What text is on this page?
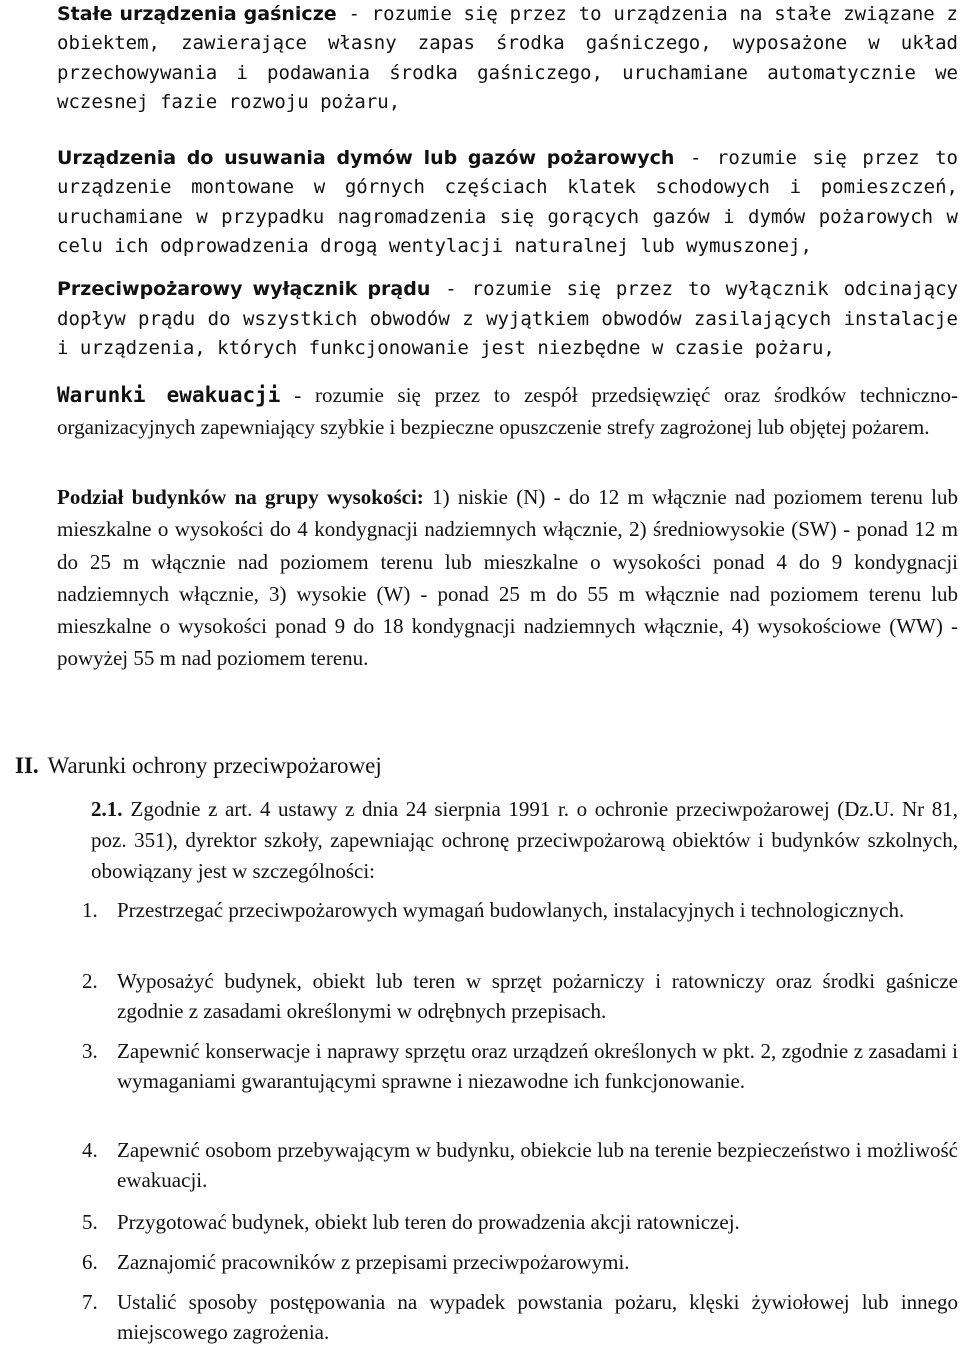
Stałe urządzenia gaśnicze - rozumie się przez to urządzenia na stałe związane z obiektem, zawierające własny zapas środka gaśniczego, wyposażone w układ przechowywania i podawania środka gaśniczego, uruchamiane automatycznie we wczesnej fazie rozwoju pożaru,
Urządzenia do usuwania dymów lub gazów pożarowych - rozumie się przez to urządzenie montowane w górnych częściach klatek schodowych i pomieszczeń, uruchamiane w przypadku nagromadzenia się gorących gazów i dymów pożarowych w celu ich odprowadzenia drogą wentylacji naturalnej lub wymuszonej,
Przeciwpożarowy wyłącznik prądu - rozumie się przez to wyłącznik odcinający dopływ prądu do wszystkich obwodów z wyjątkiem obwodów zasilających instalacje i urządzenia, których funkcjonowanie jest niezbędne w czasie pożaru,
Warunki ewakuacji - rozumie się przez to zespół przedsięwzięć oraz środków techniczno-organizacyjnych zapewniający szybkie i bezpieczne opuszczenie strefy zagrożonej lub objętej pożarem.
Podział budynków na grupy wysokości: 1) niskie (N) - do 12 m włącznie nad poziomem terenu lub mieszkalne o wysokości do 4 kondygnacji nadziemnych włącznie, 2) średniowysokie (SW) - ponad 12 m do 25 m włącznie nad poziomem terenu lub mieszkalne o wysokości ponad 4 do 9 kondygnacji nadziemnych włącznie, 3) wysokie (W) - ponad 25 m do 55 m włącznie nad poziomem terenu lub mieszkalne o wysokości ponad 9 do 18 kondygnacji nadziemnych włącznie, 4) wysokościowe (WW) - powyżej 55 m nad poziomem terenu.
II. Warunki ochrony przeciwpożarowej
2.1. Zgodnie z art. 4 ustawy z dnia 24 sierpnia 1991 r. o ochronie przeciwpożarowej (Dz.U. Nr 81, poz. 351), dyrektor szkoły, zapewniając ochronę przeciwpożarową obiektów i budynków szkolnych, obowiązany jest w szczególności:
1. Przestrzegać przeciwpożarowych wymagań budowlanych, instalacyjnych i technologicznych.
2. Wyposażyć budynek, obiekt lub teren w sprzęt pożarniczy i ratowniczy oraz środki gaśnicze zgodnie z zasadami określonymi w odrębnych przepisach.
3. Zapewnić konserwacje i naprawy sprzętu oraz urządzeń określonych w pkt. 2, zgodnie z zasadami i wymaganiami gwarantującymi sprawne i niezawodne ich funkcjonowanie.
4. Zapewnić osobom przebywającym w budynku, obiekcie lub na terenie bezpieczeństwo i możliwość ewakuacji.
5. Przygotować budynek, obiekt lub teren do prowadzenia akcji ratowniczej.
6. Zaznajomić pracowników z przepisami przeciwpożarowymi.
7. Ustalić sposoby postępowania na wypadek powstania pożaru, klęski żywiołowej lub innego miejscowego zagrożenia.
